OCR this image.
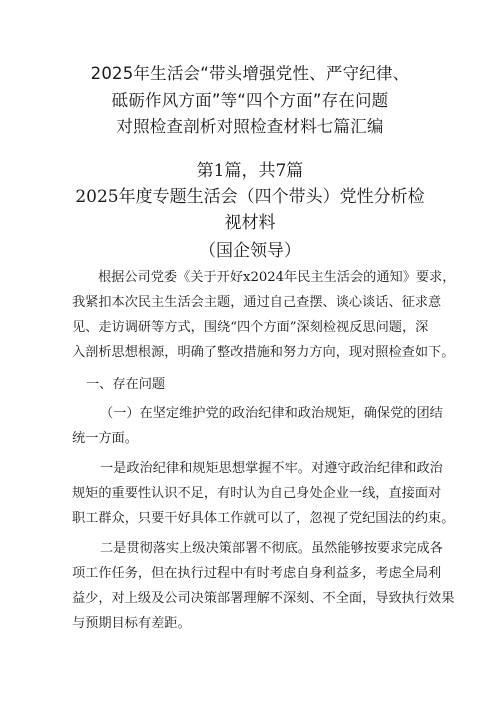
2025年生活会“带头增强党性、严守纪律、
砥砺作风方面”等“四个方面”存在问题
对照检查剖析对照检查材料七篇汇编
第1篇，共7篇
2025年度专题生活会（四个带头）党性分析检
视材料
（国企领导）
根据公司党委《关于开好x2024年民主生活会的通知》要求，
我紧扣本次民主生活会主题，通过自己查摆、谈心谈话、征求意
见、走访调研等方式，围绕“四个方面”深刻检视反思问题，深
入剖析思想根源，明确了整改措施和努力方向，现对照检查如下。
一、存在问题
（一）在坚定维护党的政治纪律和政治规矩，确保党的团结
统一方面。
一是政治纪律和规矩思想掌握不牢。对遵守政治纪律和政治
规矩的重要性认识不足，有时认为自己身处企业一线，直接面对
职工群众，只要干好具体工作就可以了，忽视了党纪国法的约束。
二是贯彻落实上级决策部署不彻底。虽然能够按要求完成各
项工作任务，但在执行过程中有时考虑自身利益多，考虑全局利
益少，对上级及公司决策部署理解不深刻、不全面，导致执行效果
与预期目标有差距。
